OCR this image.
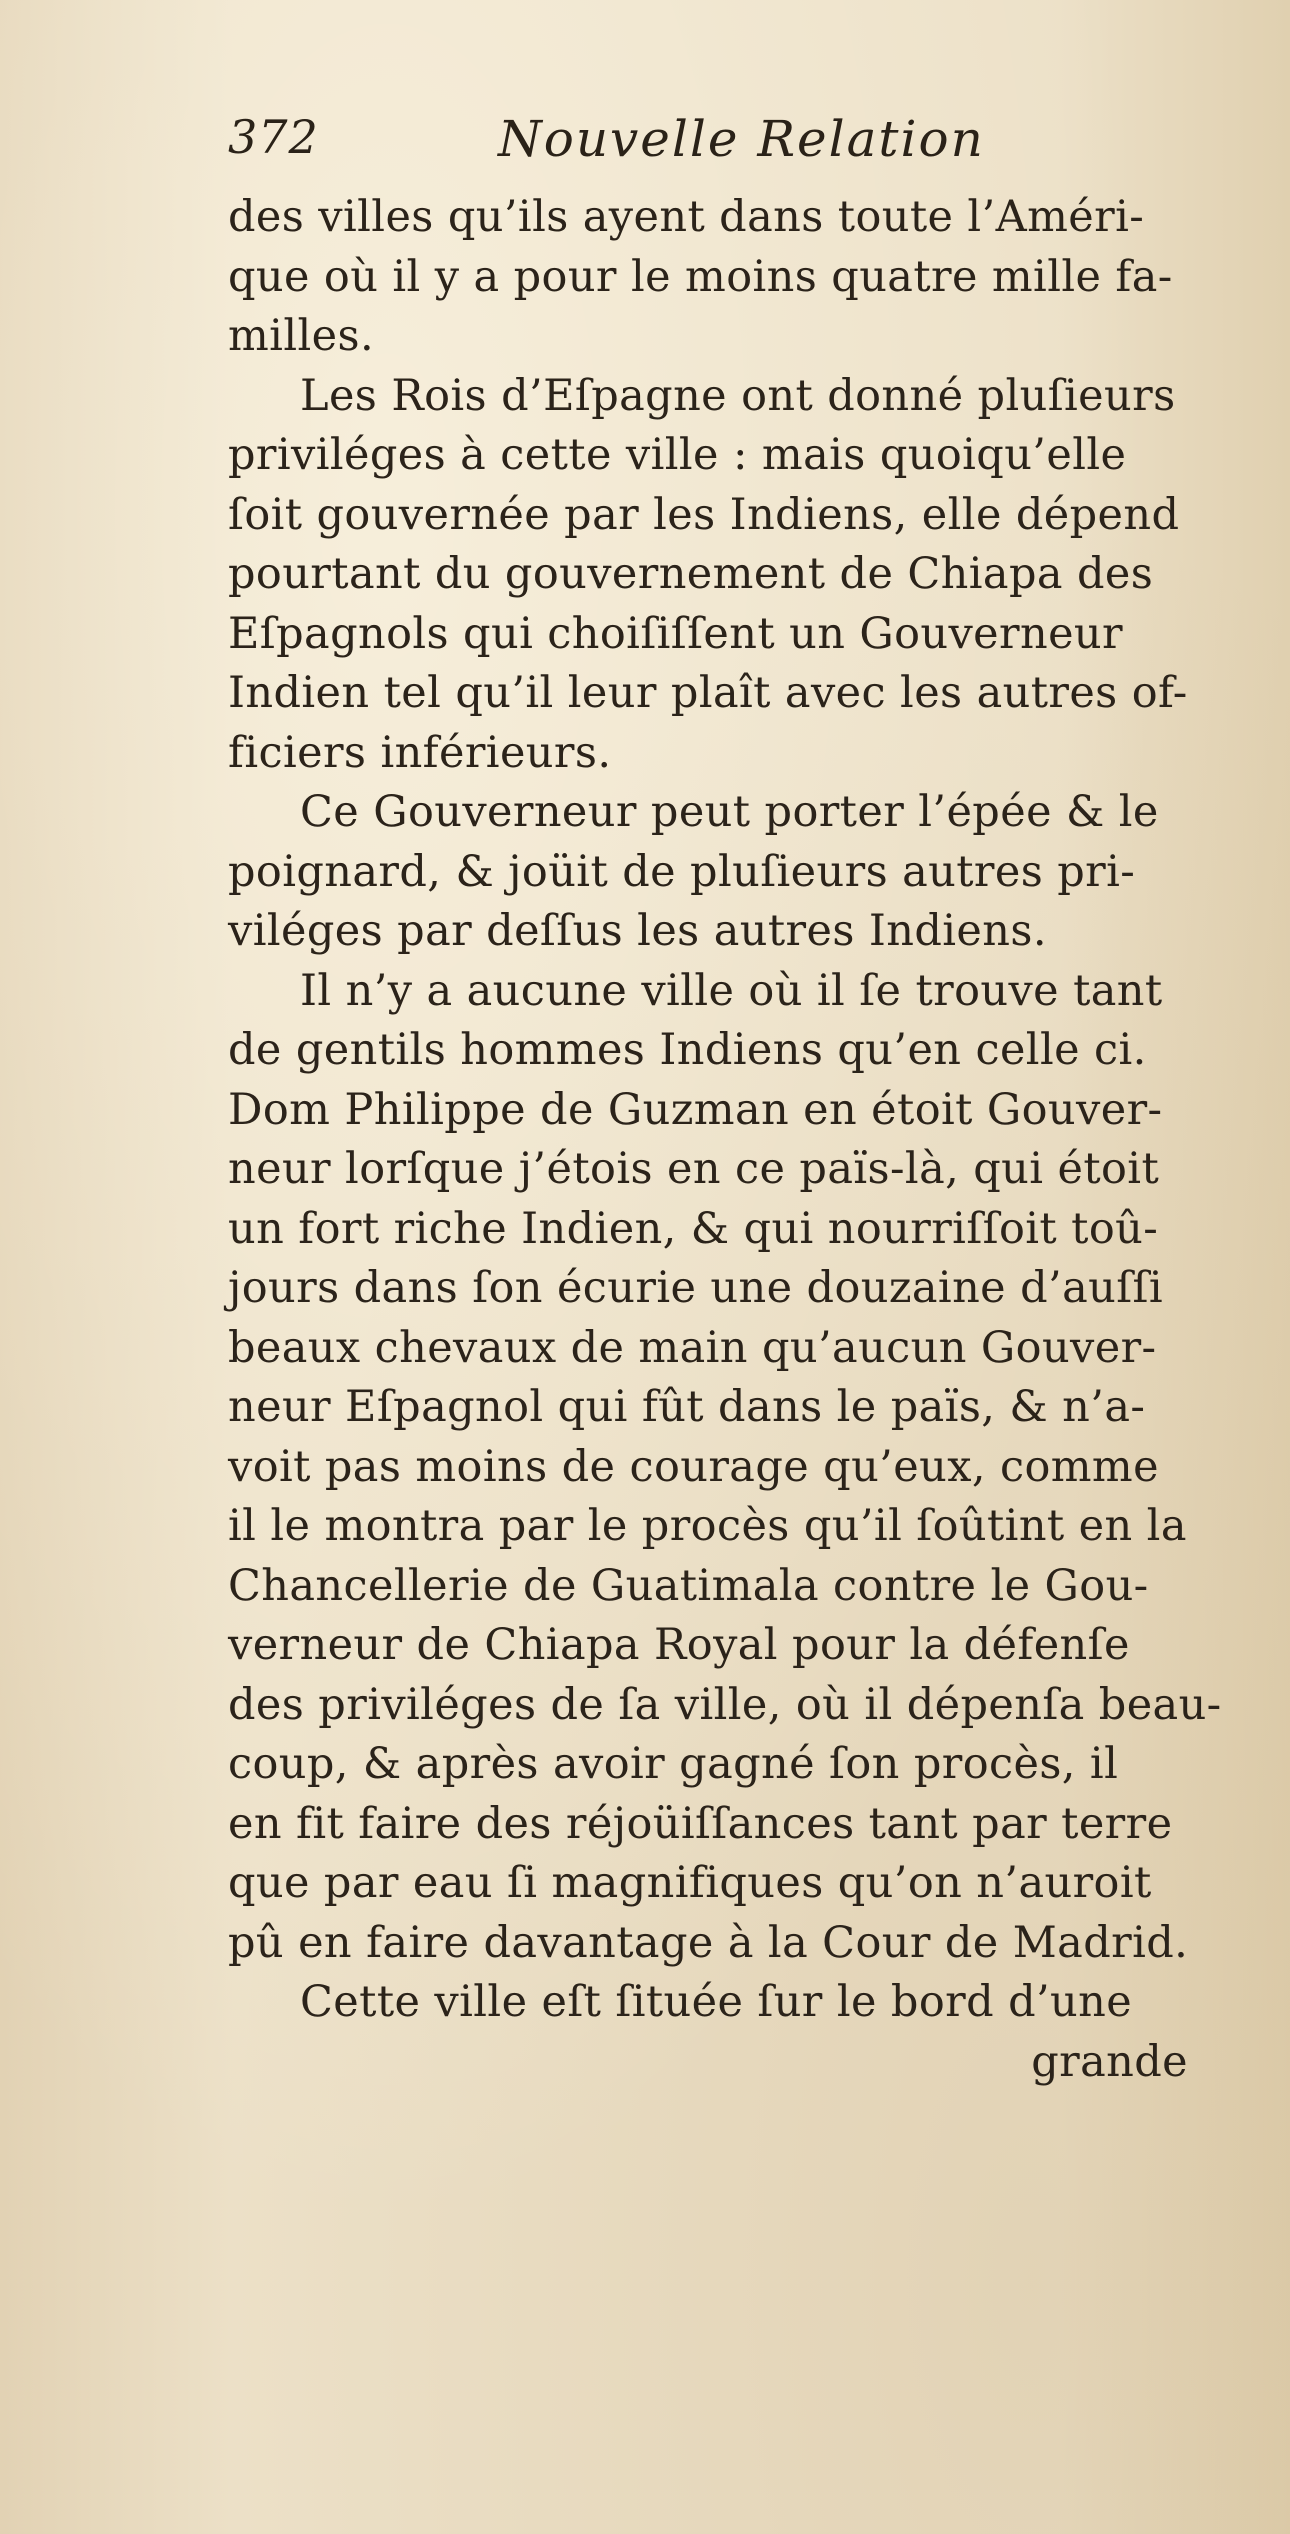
372	Nouvelle Relation
des villes qu’ils ayent dans toute l’Améri-
que où il y a pour le moins quatre mille fa-
milles.
Les Rois d’Eſpagne ont donné pluſieurs
priviléges à cette ville : mais quoiqu’elle
ſoit gouvernée par les Indiens, elle dépend
pourtant du gouvernement de Chiapa des
Eſpagnols qui choiſiſſent un Gouverneur
Indien tel qu’il leur plaît avec les autres of-
ficiers inférieurs.
Ce Gouverneur peut porter l’épée & le
poignard, & joüit de pluſieurs autres pri-
viléges par deſſus les autres Indiens.
Il n’y a aucune ville où il ſe trouve tant
de gentils hommes Indiens qu’en celle ci.
Dom Philippe de Guzman en étoit Gouver-
neur lorſque j’étois en ce païs-là, qui étoit
un fort riche Indien, & qui nourriſſoit toû-
jours dans ſon écurie une douzaine d’auſſi
beaux chevaux de main qu’aucun Gouver-
neur Eſpagnol qui fût dans le païs, & n’a-
voit pas moins de courage qu’eux, comme
il le montra par le procès qu’il ſoûtint en la
Chancellerie de Guatimala contre le Gou-
verneur de Chiapa Royal pour la défenſe
des priviléges de ſa ville, où il dépenſa beau-
coup, & après avoir gagné ſon procès, il
en fit faire des réjoüiſſances tant par terre
que par eau ſi magnifiques qu’on n’auroit
pû en faire davantage à la Cour de Madrid.
Cette ville eſt ſituée ſur le bord d’une
grande
